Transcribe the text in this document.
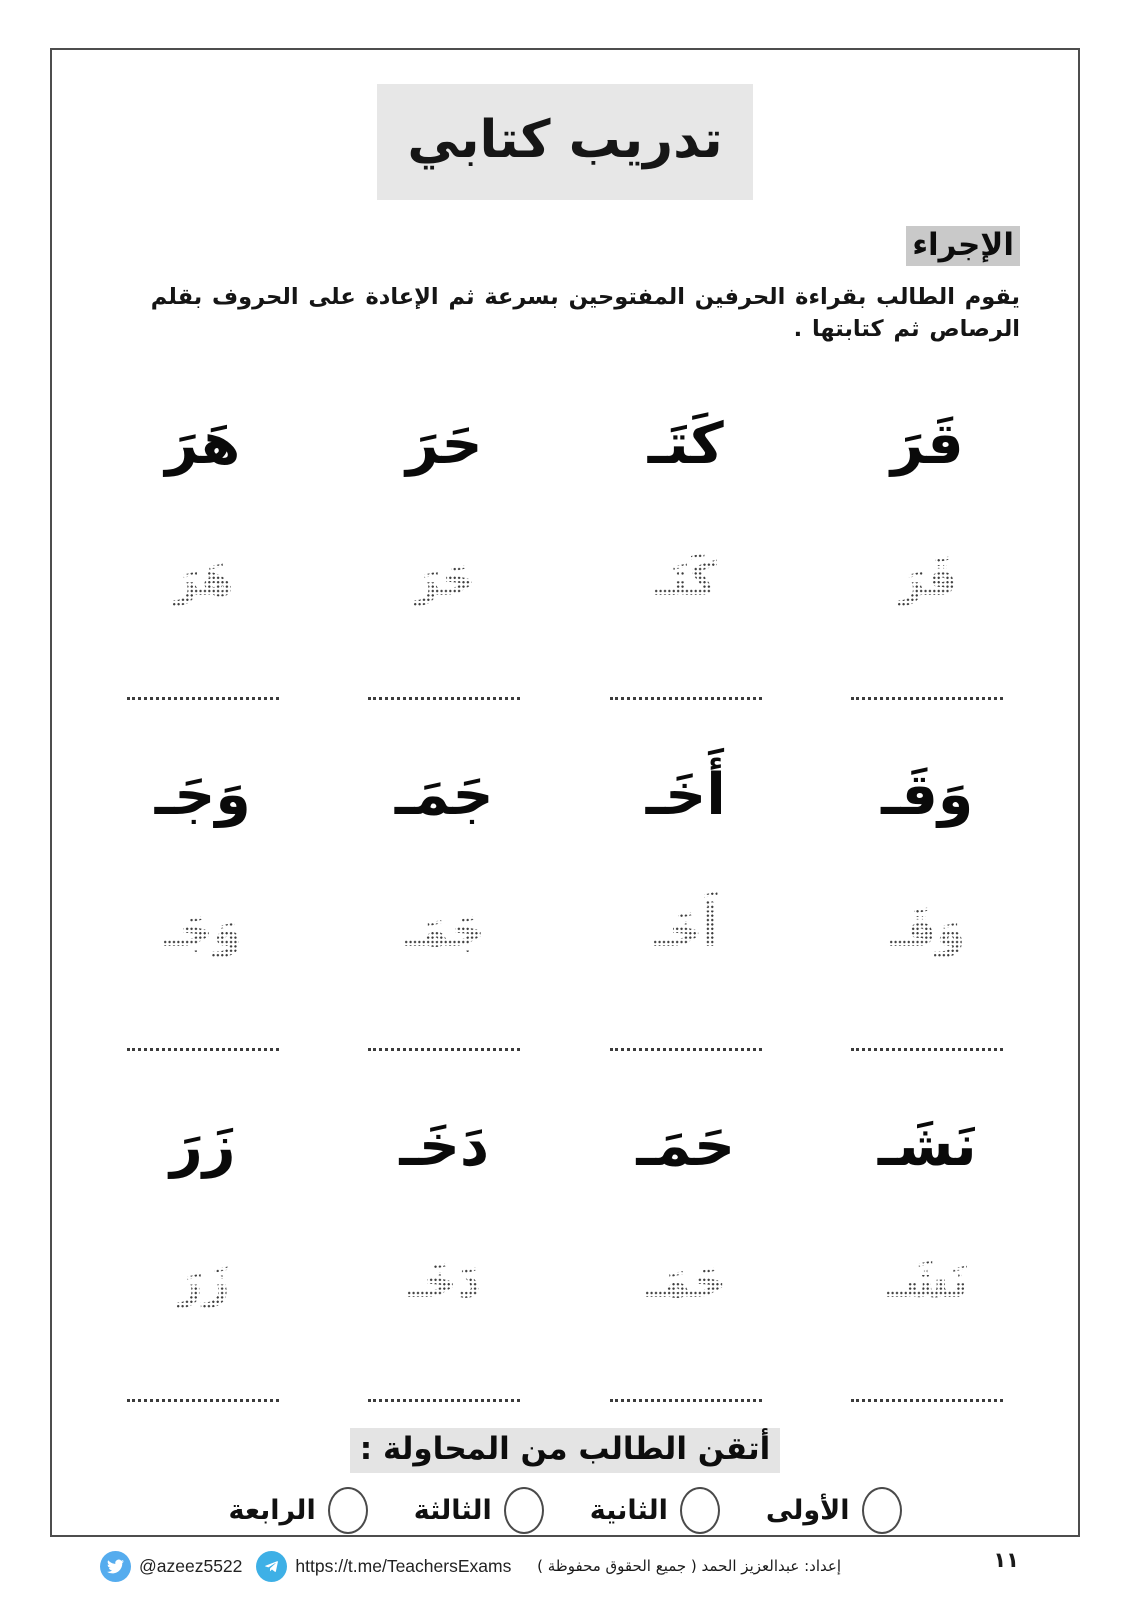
تدريب كتابي
الإجراء

يقوم الطالب بقراءة الحرفين المفتوحين بسرعة ثم الإعادة على الحروف بقلم الرصاص ثم كتابتها .

قَرَ
قَرَ
كَتَـ
كَتَـ
حَرَ
حَرَ
هَرَ
هَرَ
وَقَـ
وَقَـ
أَخَـ
أَخَـ
جَمَـ
جَمَـ
وَجَـ
وَجَـ
نَشَـ
نَشَـ
حَمَـ
حَمَـ
دَخَـ
دَخَـ
زَرَ
زَرَ
أتقن الطالب من المحاولة :
الأولى
الثانية
الثالثة
الرابعة
@azeez5522	https://t.me/TeachersExams إعداد: عبدالعزيز الحمد ( جميع الحقوق محفوظة )	١١
